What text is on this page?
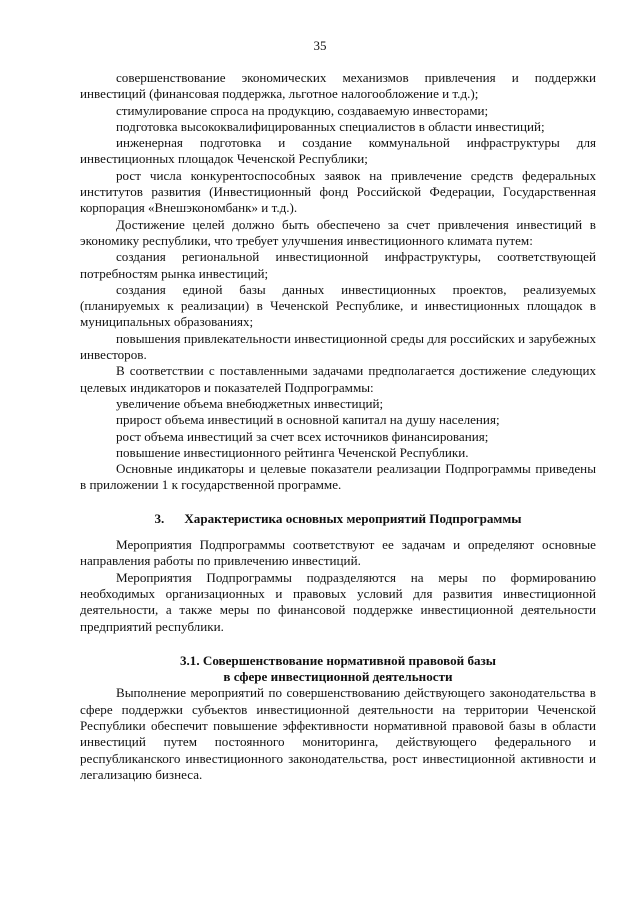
35

совершенствование экономических механизмов привлечения и поддержки инвестиций (финансовая поддержка, льготное налогообложение и т.д.);

стимулирование спроса на продукцию, создаваемую инвесторами;

подготовка высококвалифицированных специалистов в области инвестиций;

инженерная подготовка и создание коммунальной инфраструктуры для инвестиционных площадок Чеченской Республики;

рост числа конкурентоспособных заявок на привлечение средств федеральных институтов развития (Инвестиционный фонд Российской Федерации, Государственная корпорация «Внешэкономбанк» и т.д.).

Достижение целей должно быть обеспечено за счет привлечения инвестиций в экономику республики, что требует улучшения инвестиционного климата путем:

создания региональной инвестиционной инфраструктуры, соответствующей потребностям рынка инвестиций;

создания единой базы данных инвестиционных проектов, реализуемых (планируемых к реализации) в Чеченской Республике, и инвестиционных площадок в муниципальных образованиях;

повышения привлекательности инвестиционной среды для российских и зарубежных инвесторов.

В соответствии с поставленными задачами предполагается достижение следующих целевых индикаторов и показателей Подпрограммы:

увеличение объема внебюджетных инвестиций;

прирост объема инвестиций в основной капитал на душу населения;

рост объема инвестиций за счет всех источников финансирования;

повышение инвестиционного рейтинга Чеченской Республики.

Основные индикаторы и целевые показатели реализации Подпрограммы приведены в приложении 1 к государственной программе.

3. Характеристика основных мероприятий Подпрограммы

Мероприятия Подпрограммы соответствуют ее задачам и определяют основные направления работы по привлечению инвестиций.

Мероприятия Подпрограммы подразделяются на меры по формированию необходимых организационных и правовых условий для развития инвестиционной деятельности, а также меры по финансовой поддержке инвестиционной деятельности предприятий республики.

3.1. Совершенствование нормативной правовой базы
в сфере инвестиционной деятельности

Выполнение мероприятий по совершенствованию действующего законодательства в сфере поддержки субъектов инвестиционной деятельности на территории Чеченской Республики обеспечит повышение эффективности нормативной правовой базы в области инвестиций путем постоянного мониторинга, действующего федерального и республиканского инвестиционного законодательства, рост инвестиционной активности и легализацию бизнеса.
